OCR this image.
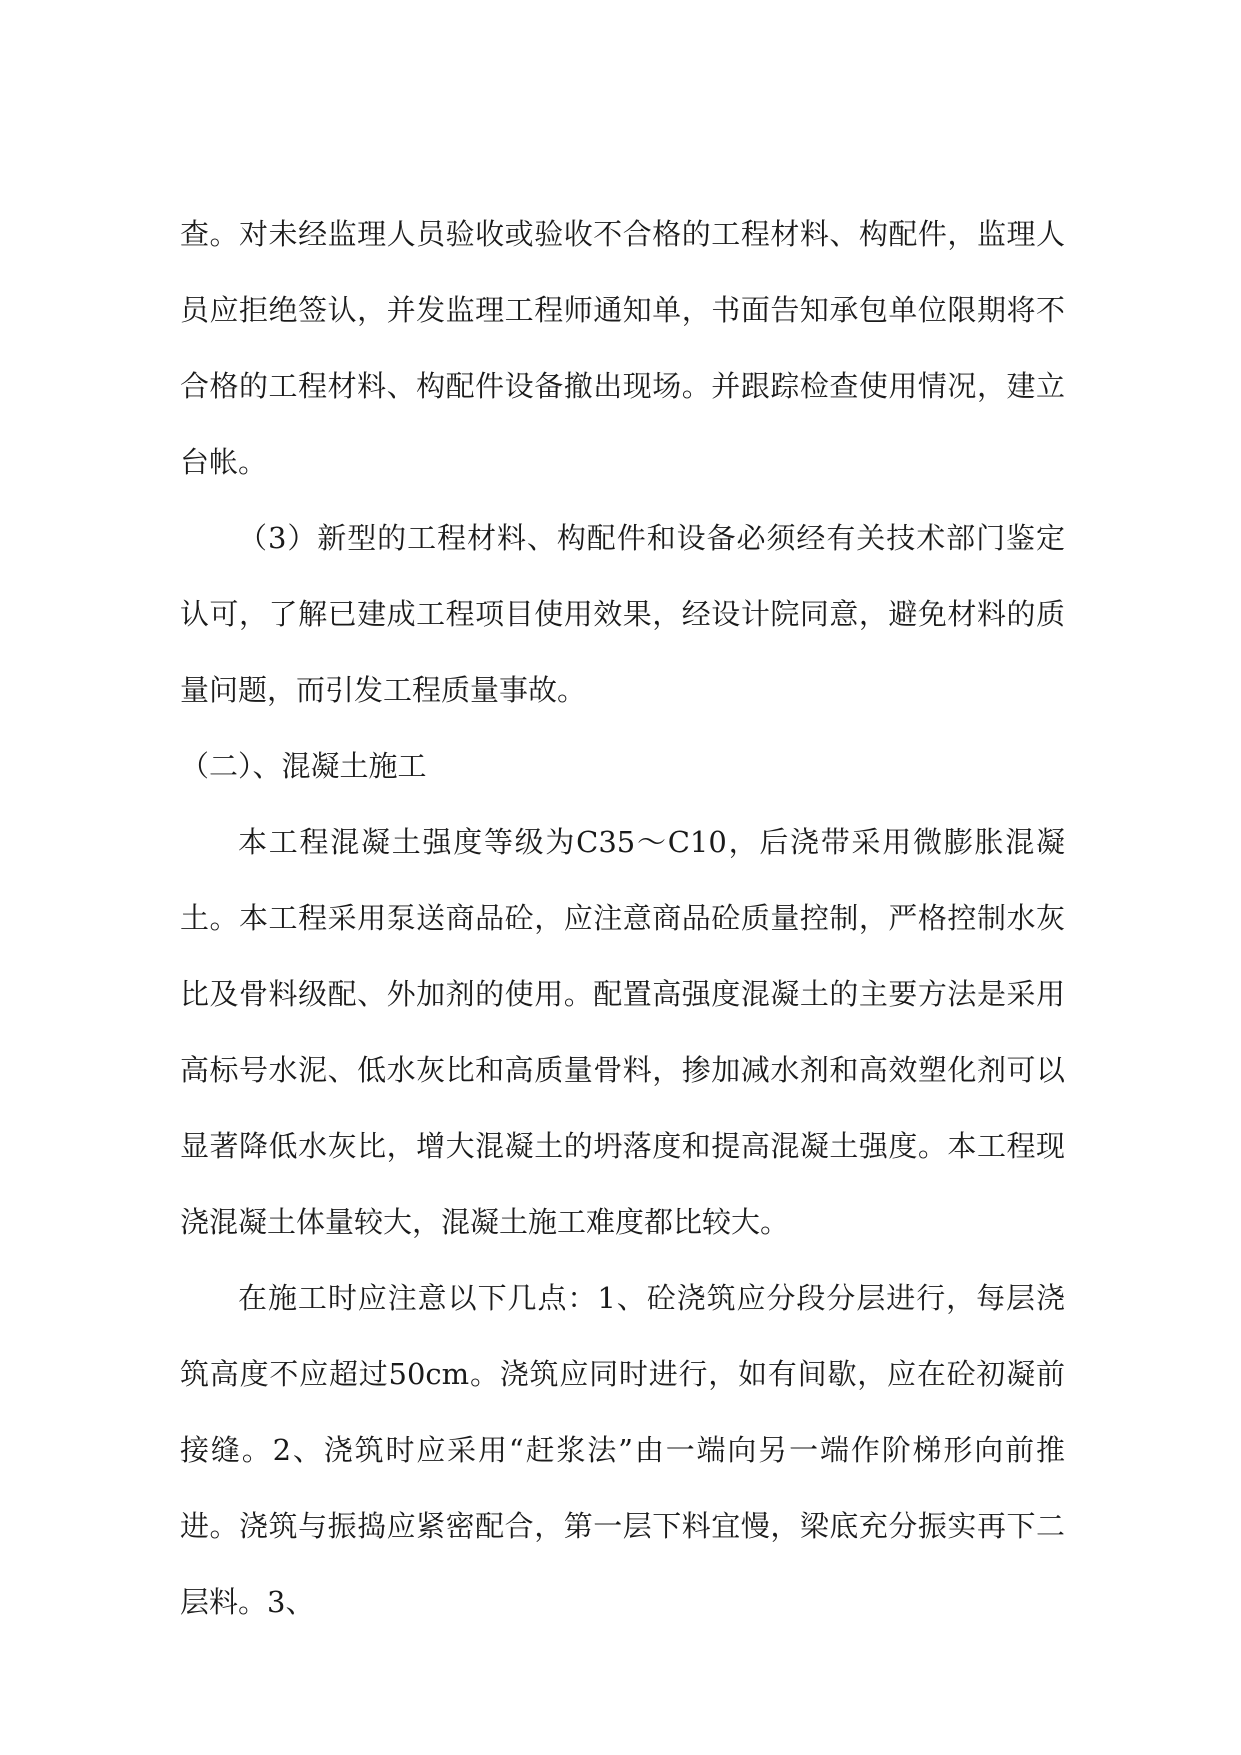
查。对未经监理人员验收或验收不合格的工程材料、构配件，监理人员应拒绝签认，并发监理工程师通知单，书面告知承包单位限期将不合格的工程材料、构配件设备撤出现场。并跟踪检查使用情况，建立台帐。

（3）新型的工程材料、构配件和设备必须经有关技术部门鉴定认可，了解已建成工程项目使用效果，经设计院同意，避免材料的质量问题，而引发工程质量事故。

（二）、混凝土施工

本工程混凝土强度等级为C35～C10，后浇带采用微膨胀混凝土。本工程采用泵送商品砼，应注意商品砼质量控制，严格控制水灰比及骨料级配、外加剂的使用。配置高强度混凝土的主要方法是采用高标号水泥、低水灰比和高质量骨料，掺加减水剂和高效塑化剂可以显著降低水灰比，增大混凝土的坍落度和提高混凝土强度。本工程现浇混凝土体量较大，混凝土施工难度都比较大。

在施工时应注意以下几点：1、砼浇筑应分段分层进行，每层浇筑高度不应超过50cm。浇筑应同时进行，如有间歇，应在砼初凝前接缝。2、浇筑时应采用“赶浆法”由一端向另一端作阶梯形向前推进。浇筑与振捣应紧密配合，第一层下料宜慢，梁底充分振实再下二层料。3、
